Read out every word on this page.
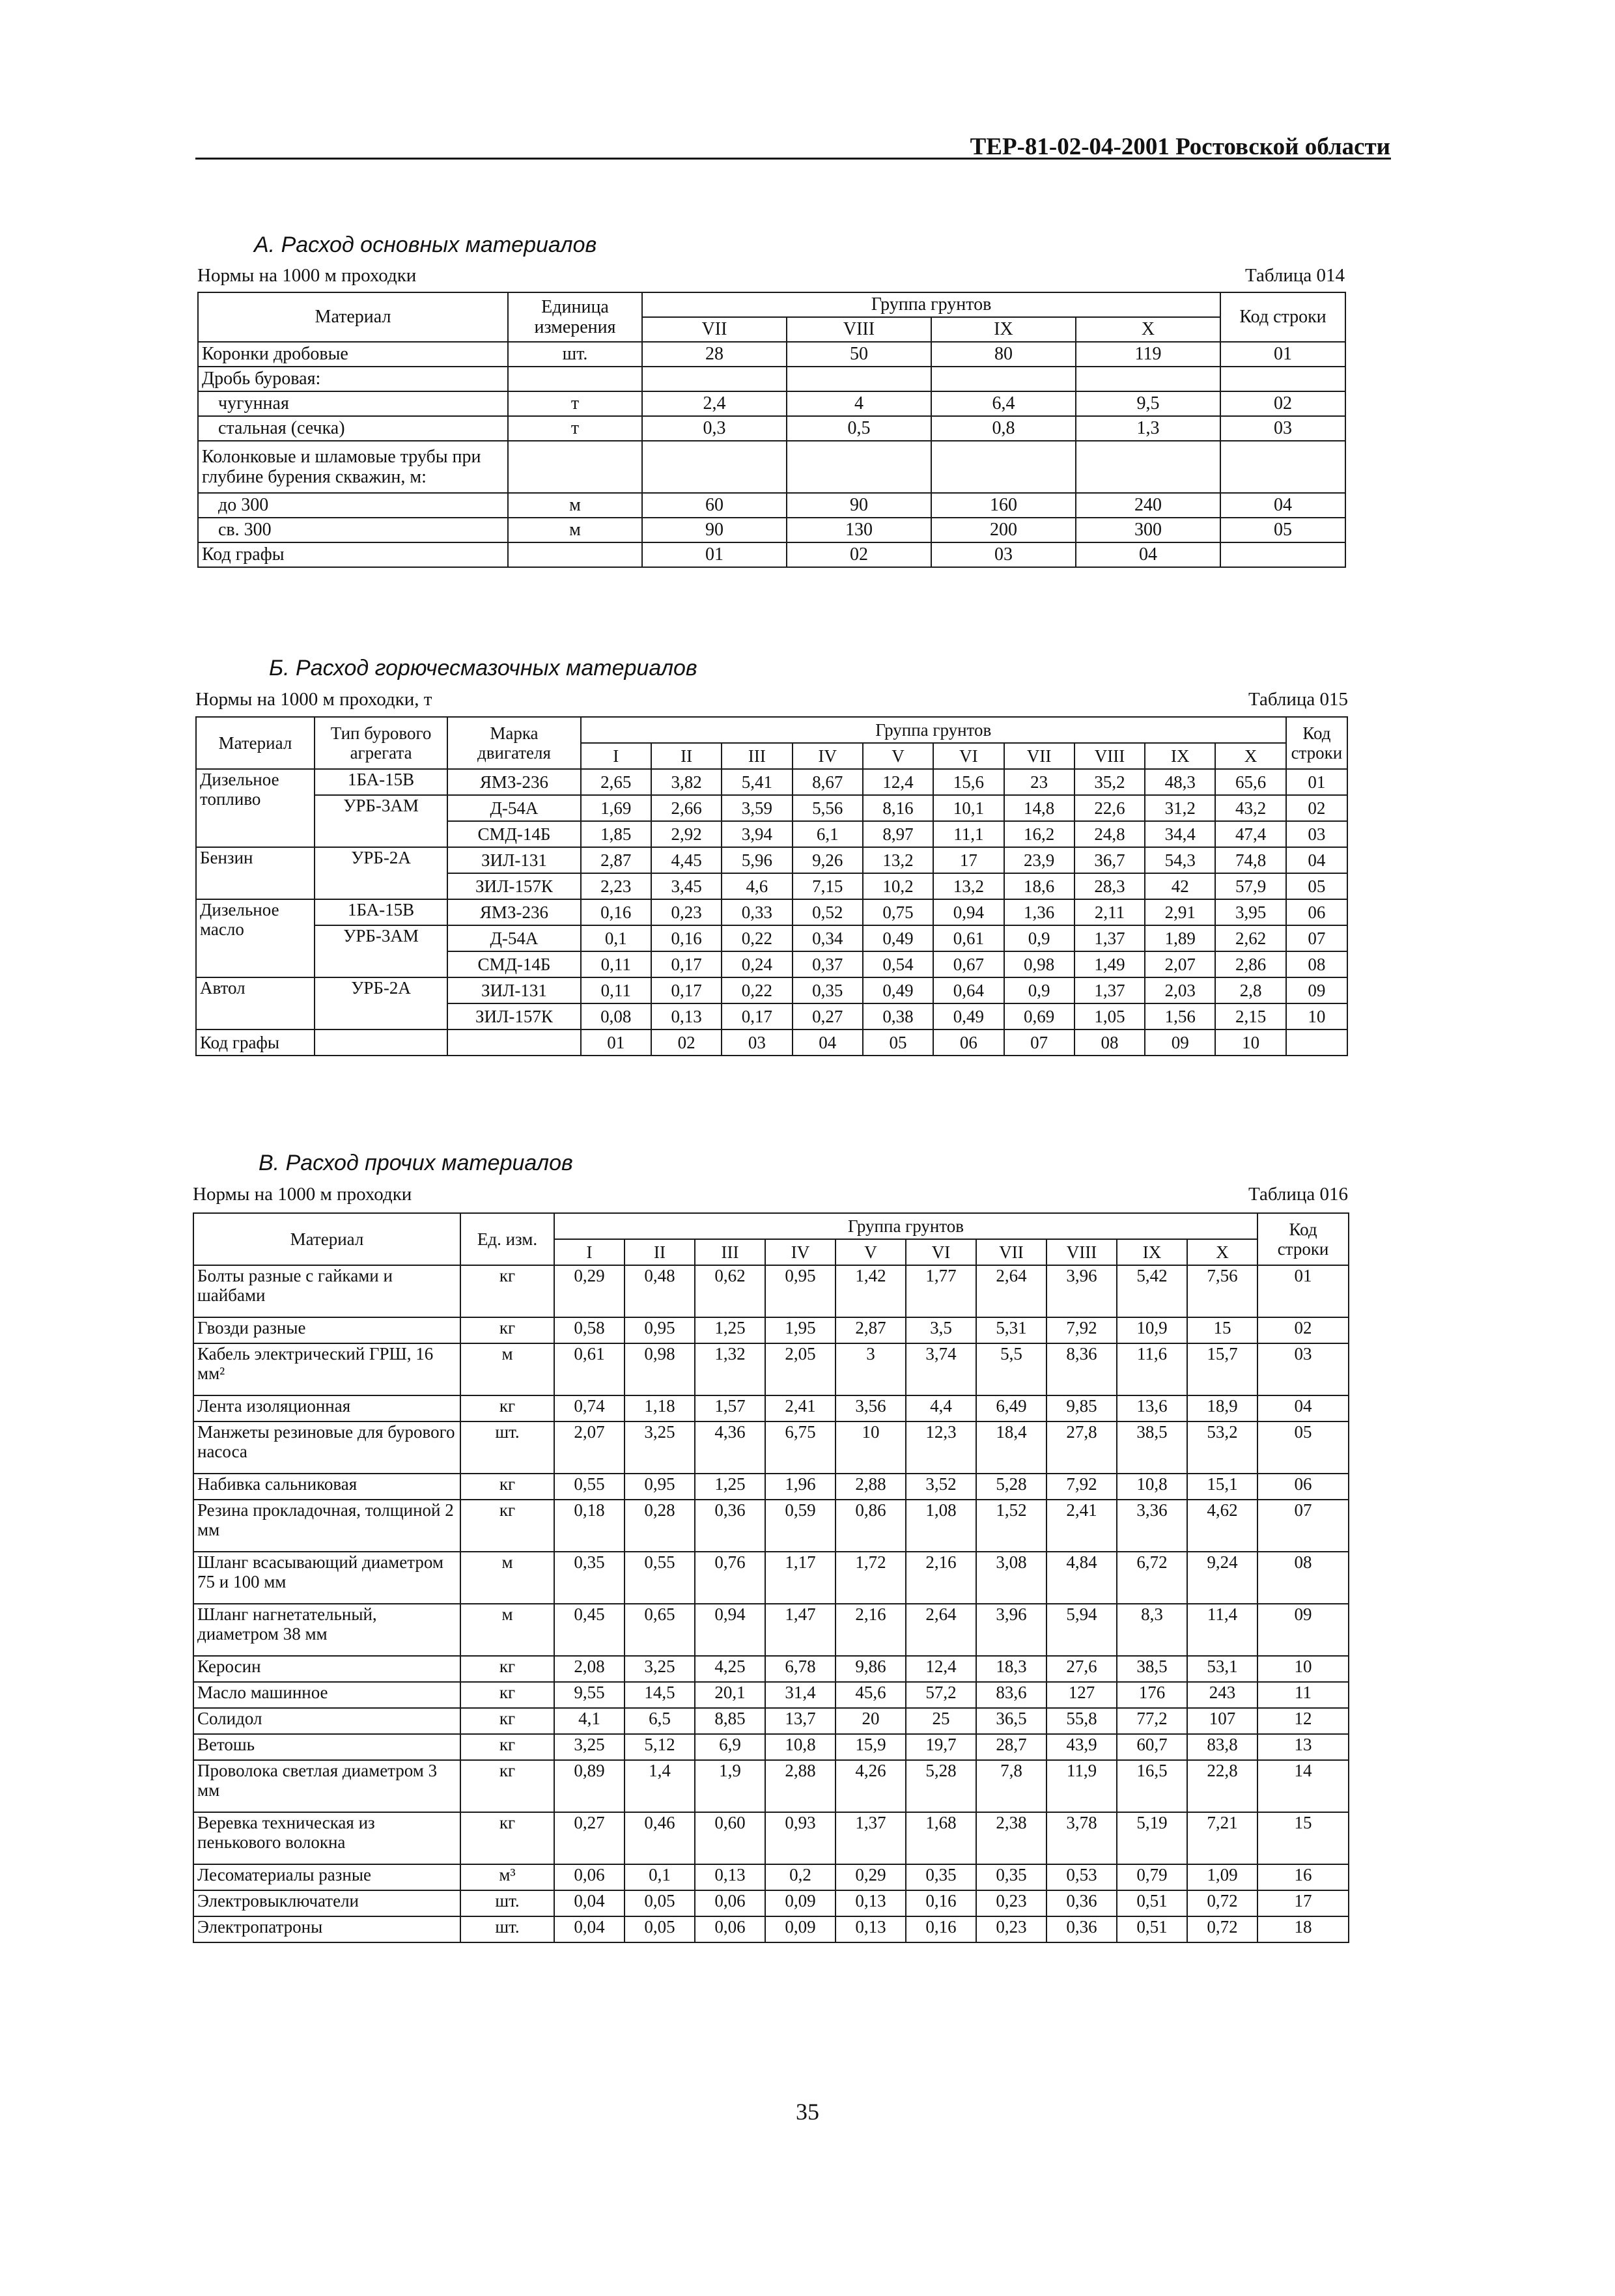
ТЕР-81-02-04-2001 Ростовской области
А. Расход основных материалов
Нормы на 1000 м проходки	Таблица 014
Материал	Единица измерения	Группа грунтов				Код строки
		VII	VIII	IX	X	
Коронки дробовые	шт.	28	50	80	119	01
Дробь буровая:						
чугунная	т	2,4	4	6,4	9,5	02
стальная (сечка)	т	0,3	0,5	0,8	1,3	03
Колонковые и шламовые трубы при глубине бурения скважин, м:						
до 300	м	60	90	160	240	04
св. 300	м	90	130	200	300	05
Код графы		01	02	03	04	
Б. Расход горючесмазочных материалов
Нормы на 1000 м проходки, т	Таблица 015
Материал	Тип бурового агрегата	Марка двигателя	Группа грунтов										Код строки
			I	II	III	IV	V	VI	VII	VIII	IX	X	
Дизельное топливо	1БА-15В	ЯМЗ-236	2,65	3,82	5,41	8,67	12,4	15,6	23	35,2	48,3	65,6	01
	УРБ-3АМ	Д-54А	1,69	2,66	3,59	5,56	8,16	10,1	14,8	22,6	31,2	43,2	02
		СМД-14Б	1,85	2,92	3,94	6,1	8,97	11,1	16,2	24,8	34,4	47,4	03
Бензин	УРБ-2А	ЗИЛ-131	2,87	4,45	5,96	9,26	13,2	17	23,9	36,7	54,3	74,8	04
		ЗИЛ-157К	2,23	3,45	4,6	7,15	10,2	13,2	18,6	28,3	42	57,9	05
Дизельное масло	1БА-15В	ЯМЗ-236	0,16	0,23	0,33	0,52	0,75	0,94	1,36	2,11	2,91	3,95	06
	УРБ-3АМ	Д-54А	0,1	0,16	0,22	0,34	0,49	0,61	0,9	1,37	1,89	2,62	07
		СМД-14Б	0,11	0,17	0,24	0,37	0,54	0,67	0,98	1,49	2,07	2,86	08
Автол	УРБ-2А	ЗИЛ-131	0,11	0,17	0,22	0,35	0,49	0,64	0,9	1,37	2,03	2,8	09
		ЗИЛ-157К	0,08	0,13	0,17	0,27	0,38	0,49	0,69	1,05	1,56	2,15	10
Код графы			01	02	03	04	05	06	07	08	09	10	
В. Расход прочих материалов
Нормы на 1000 м проходки	Таблица 016
Материал	Ед. изм.	Группа грунтов										Код строки
		I	II	III	IV	V	VI	VII	VIII	IX	X	
Болты разные с гайками и шайбами	кг	0,29	0,48	0,62	0,95	1,42	1,77	2,64	3,96	5,42	7,56	01
Гвозди разные	кг	0,58	0,95	1,25	1,95	2,87	3,5	5,31	7,92	10,9	15	02
Кабель электрический ГРШ, 16 мм²	м	0,61	0,98	1,32	2,05	3	3,74	5,5	8,36	11,6	15,7	03
Лента изоляционная	кг	0,74	1,18	1,57	2,41	3,56	4,4	6,49	9,85	13,6	18,9	04
Манжеты резиновые для бурового насоса	шт.	2,07	3,25	4,36	6,75	10	12,3	18,4	27,8	38,5	53,2	05
Набивка сальниковая	кг	0,55	0,95	1,25	1,96	2,88	3,52	5,28	7,92	10,8	15,1	06
Резина прокладочная, толщиной 2 мм	кг	0,18	0,28	0,36	0,59	0,86	1,08	1,52	2,41	3,36	4,62	07
Шланг всасывающий диаметром 75 и 100 мм	м	0,35	0,55	0,76	1,17	1,72	2,16	3,08	4,84	6,72	9,24	08
Шланг нагнетательный, диаметром 38 мм	м	0,45	0,65	0,94	1,47	2,16	2,64	3,96	5,94	8,3	11,4	09
Керосин	кг	2,08	3,25	4,25	6,78	9,86	12,4	18,3	27,6	38,5	53,1	10
Масло машинное	кг	9,55	14,5	20,1	31,4	45,6	57,2	83,6	127	176	243	11
Солидол	кг	4,1	6,5	8,85	13,7	20	25	36,5	55,8	77,2	107	12
Ветошь	кг	3,25	5,12	6,9	10,8	15,9	19,7	28,7	43,9	60,7	83,8	13
Проволока светлая диаметром 3 мм	кг	0,89	1,4	1,9	2,88	4,26	5,28	7,8	11,9	16,5	22,8	14
Веревка техническая из пенькового волокна	кг	0,27	0,46	0,60	0,93	1,37	1,68	2,38	3,78	5,19	7,21	15
Лесоматериалы разные	м³	0,06	0,1	0,13	0,2	0,29	0,35	0,35	0,53	0,79	1,09	16
Электровыключатели	шт.	0,04	0,05	0,06	0,09	0,13	0,16	0,23	0,36	0,51	0,72	17
Электропатроны	шт.	0,04	0,05	0,06	0,09	0,13	0,16	0,23	0,36	0,51	0,72	18
35
